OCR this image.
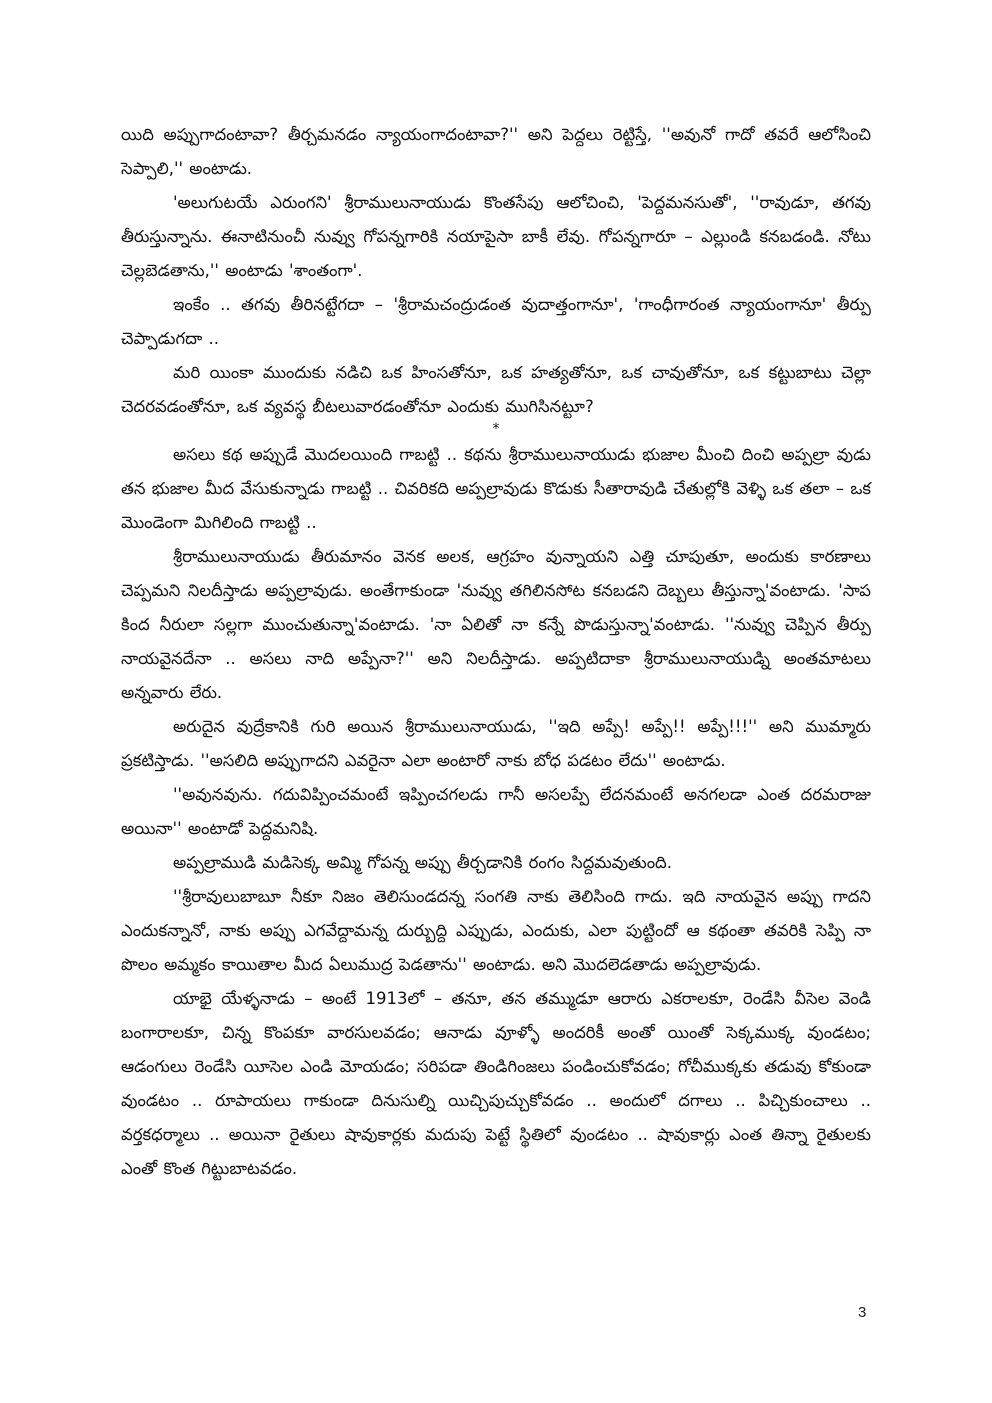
యిది అప్పుగాదంటావా? తీర్చమనడం న్యాయంగాదంటావా?'' అని పెద్దలు రెట్టిస్తే, ''అవునో గాదో తవరే ఆలోసించి సెప్పాలి,'' అంటాడు.

'అలుగుటయే ఎరుంగని' శ్రీరాములునాయుడు కొంతసేపు ఆలోచించి, 'పెద్దమనసుతో', ''రావుడూ, తగవు తీరుస్తున్నాను. ఈనాటినుంచీ నువ్వు గోపన్నగారికి నయాపైసా బాకీ లేవు. గోపన్నగారూ – ఎల్లుండి కనబడండి. నోటు చెల్లబెడతాను,'' అంటాడు 'శాంతంగా'.

ఇంకేం .. తగవు తీరినట్టేగదా – 'శ్రీరామచంద్రుడంత వుదాత్తంగానూ', 'గాంధీగారంత న్యాయంగానూ' తీర్పు చెప్పాడుగదా ..

మరి యింకా ముందుకు నడిచి ఒక హింసతోనూ, ఒక హత్యతోనూ, ఒక చావుతోనూ, ఒక కట్టుబాటు చెల్లా చెదరవడంతోనూ, ఒక వ్యవస్థ బీటలువారడంతోనూ ఎందుకు ముగిసినట్టూ?

*

అసలు కథ అప్పుడే మొదలయింది గాబట్టి .. కథను శ్రీరాములునాయుడు భుజాల మీంచి దించి అప్పల్రా వుడు తన భుజాల మీద వేసుకున్నాడు గాబట్టి .. చివరికది అప్పల్రావుడు కొడుకు సీతారావుడి చేతుల్లోకి వెళ్ళి ఒక తలా – ఒక మొండెంగా మిగిలింది గాబట్టి ..

శ్రీరాములునాయుడు తీరుమానం వెనక అలక, ఆగ్రహం వున్నాయని ఎత్తి చూపుతూ, అందుకు కారణాలు చెప్పమని నిలదీస్తాడు అప్పల్రావుడు. అంతేగాకుండా 'నువ్వు తగిలినసోట కనబడని దెబ్బలు తీస్తున్నా'వంటాడు. 'సాప కింద నీరులా సల్లగా ముంచుతున్నా'వంటాడు. 'నా ఏలితో నా కన్నే పొడుస్తున్నా'వంటాడు. ''నువ్వు చెప్పిన తీర్పు నాయవైనదేనా .. అసలు నాది అప్పేనా?'' అని నిలదీస్తాడు. అప్పటిదాకా శ్రీరాములునాయుడ్ని అంతమాటలు అన్నవారు లేరు.

అరుదైన వుద్రేకానికి గురి అయిన శ్రీరాములునాయుడు, ''ఇది అప్పే! అప్పే!! అప్పే!!!'' అని ముమ్మారు ప్రకటిస్తాడు. ''అసలిది అప్పుగాదని ఎవరైనా ఎలా అంటారో నాకు బోధ పడటం లేదు'' అంటాడు.

''అవునవును. గదువిప్పించమంటే ఇప్పించగలడు గానీ అసలప్పే లేదనమంటే అనగలడా ఎంత దరమరాజు అయినా'' అంటాడో పెద్దమనిషి.

అప్పల్రాముడి మడిసెక్క అమ్మి గోపన్న అప్పు తీర్చడానికి రంగం సిద్దమవుతుంది.

''శ్రీరావులుబాబూ నీకూ నిజం తెలిసుండదన్న సంగతి నాకు తెలిసింది గాదు. ఇది నాయవైన అప్పు గాదని ఎందుకన్నానో, నాకు అప్పు ఎగవేద్దామన్న దుర్బుద్ది ఎప్పుడు, ఎందుకు, ఎలా పుట్టిందో ఆ కథంతా తవరికి సెప్పి నా పొలం అమ్మకం కాయితాల మీద ఏలుముద్ర పెడతాను'' అంటాడు. అని మొదలెడతాడు అప్పల్రావుడు.

యాభై యేళ్ళనాడు – అంటే 1913లో – తనూ, తన తమ్ముడూ ఆరారు ఎకరాలకూ, రెండేసి వీసెల వెండి బంగారాలకూ, చిన్న కొంపకూ వారసులవడం; ఆనాడు వూళ్ళో అందరికీ అంతో యింతో సెక్కముక్క వుండటం; ఆడంగులు రెండేసి యీసెల ఎండి మోయడం; సరిపడా తిండిగింజలు పండించుకోవడం; గోచీముక్కకు తడువు కోకుండా వుండటం .. రూపాయలు గాకుండా దినుసుల్ని యిచ్చిపుచ్చుకోవడం .. అందులో దగాలు .. పిచ్చికుంచాలు .. వర్తకధర్మాలు .. అయినా రైతులు షావుకార్లకు మదుపు పెట్టే స్థితిలో వుండటం .. షావుకార్లు ఎంత తిన్నా రైతులకు ఎంతో కొంత గిట్టుబాటవడం.

3
